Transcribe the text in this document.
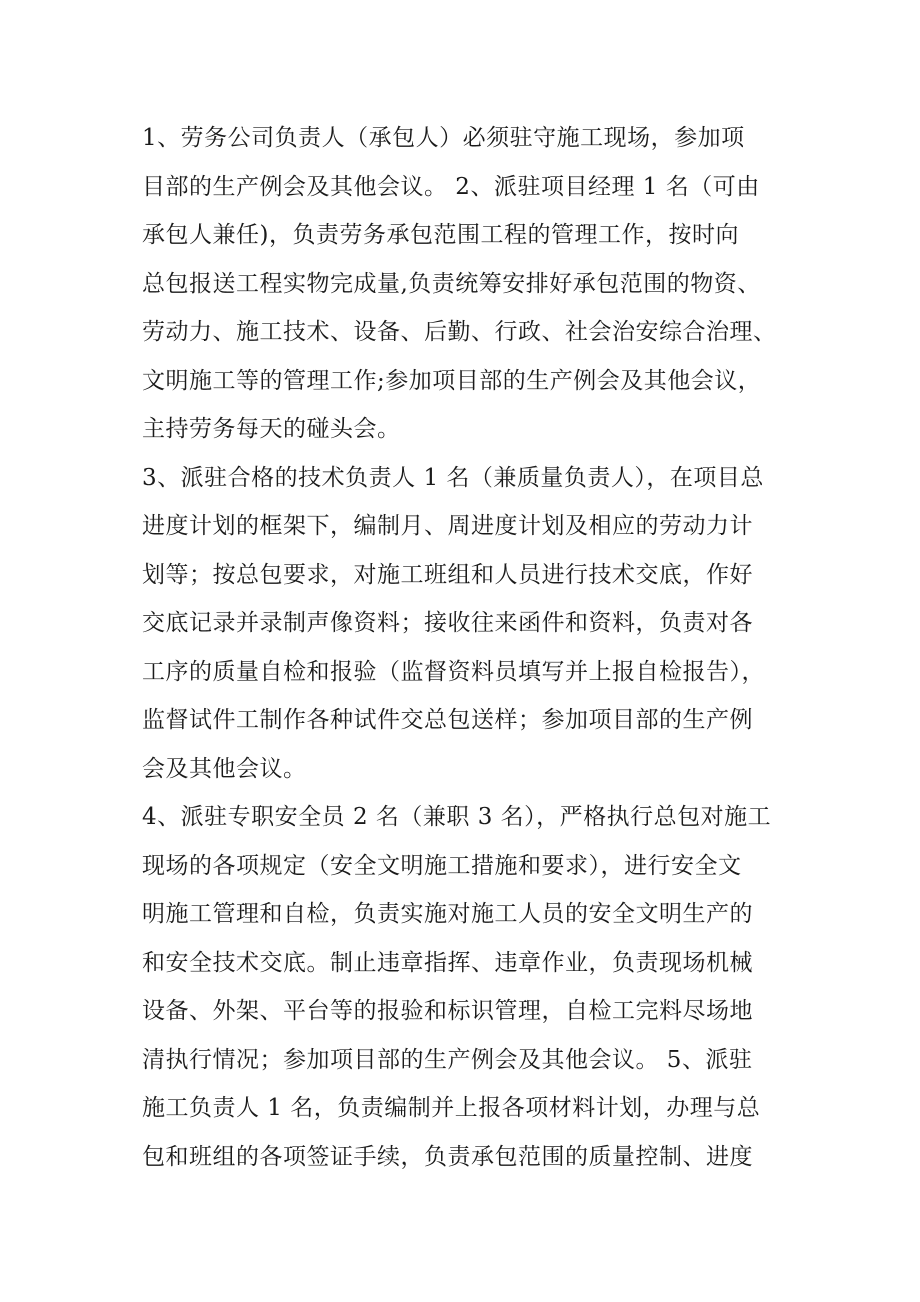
1、劳务公司负责人（承包人）必须驻守施工现场，参加项
目部的生产例会及其他会议。 2、派驻项目经理 1 名（可由
承包人兼任)，负责劳务承包范围工程的管理工作，按时向
总包报送工程实物完成量,负责统筹安排好承包范围的物资、
劳动力、施工技术、设备、后勤、行政、社会治安综合治理、
文明施工等的管理工作;参加项目部的生产例会及其他会议，
主持劳务每天的碰头会。
3、派驻合格的技术负责人 1 名（兼质量负责人），在项目总
进度计划的框架下，编制月、周进度计划及相应的劳动力计
划等；按总包要求，对施工班组和人员进行技术交底，作好
交底记录并录制声像资料；接收往来函件和资料，负责对各
工序的质量自检和报验（监督资料员填写并上报自检报告），
监督试件工制作各种试件交总包送样；参加项目部的生产例
会及其他会议。
4、派驻专职安全员 2 名（兼职 3 名），严格执行总包对施工
现场的各项规定（安全文明施工措施和要求），进行安全文
明施工管理和自检，负责实施对施工人员的安全文明生产的
和安全技术交底。制止违章指挥、违章作业，负责现场机械
设备、外架、平台等的报验和标识管理，自检工完料尽场地
清执行情况；参加项目部的生产例会及其他会议。 5、派驻
施工负责人 1 名，负责编制并上报各项材料计划，办理与总
包和班组的各项签证手续，负责承包范围的质量控制、进度
